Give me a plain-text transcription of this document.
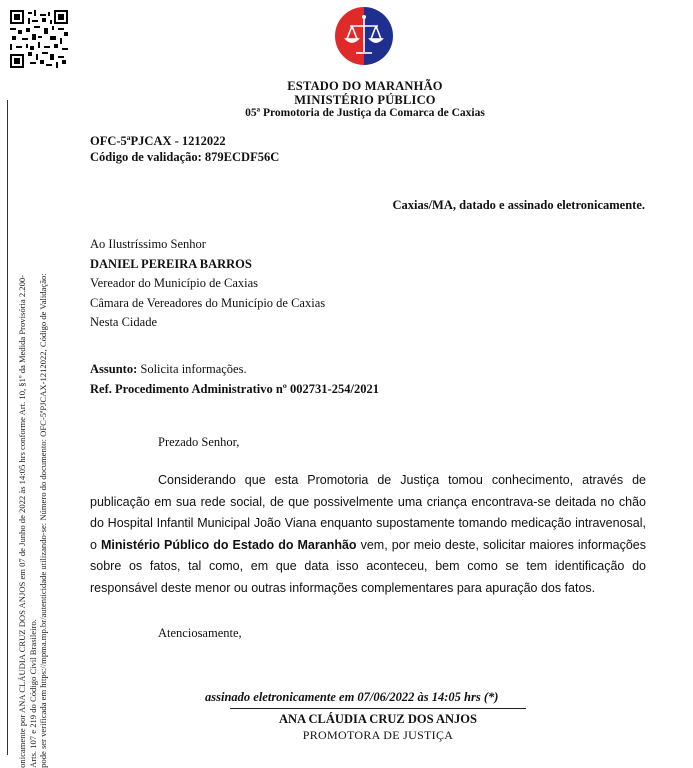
onicamente por ANA CLÁUDIA CRUZ DOS ANJOS em 07 de Junho de 2022 às 14:05 hrs conforme Art. 10, §1º da Medida Provisória 2.200- Arts. 107 e 219 do Código Civil Brasileiro. pode ser verificada em https://mpma.mp.br/autenticidade utilizando-se: Número do documento: OFC-5ªPJCAX-1212022, Código de Validação:
ESTADO DO MARANHÃO
MINISTÉRIO PÚBLICO
05ª Promotoria de Justiça da Comarca de Caxias
OFC-5ªPJCAX - 1212022
Código de validação: 879ECDF56C
Caxias/MA, datado e assinado eletronicamente.
Ao Ilustríssimo Senhor
DANIEL PEREIRA BARROS
Vereador do Município de Caxias
Câmara de Vereadores do Município de Caxias
Nesta Cidade
Assunto: Solicita informações.
Ref. Procedimento Administrativo nº 002731-254/2021
Prezado Senhor,
Considerando que esta Promotoria de Justiça tomou conhecimento, através de publicação em sua rede social, de que possivelmente uma criança encontrava-se deitada no chão do Hospital Infantil Municipal João Viana enquanto supostamente tomando medicação intravenosal, o Ministério Público do Estado do Maranhão vem, por meio deste, solicitar maiores informações sobre os fatos, tal como, em que data isso aconteceu, bem como se tem identificação do responsável deste menor ou outras informações complementares para apuração dos fatos.
Atenciosamente,
assinado eletronicamente em 07/06/2022 às 14:05 hrs (*)
ANA CLÁUDIA CRUZ DOS ANJOS
PROMOTORA DE JUSTIÇA
